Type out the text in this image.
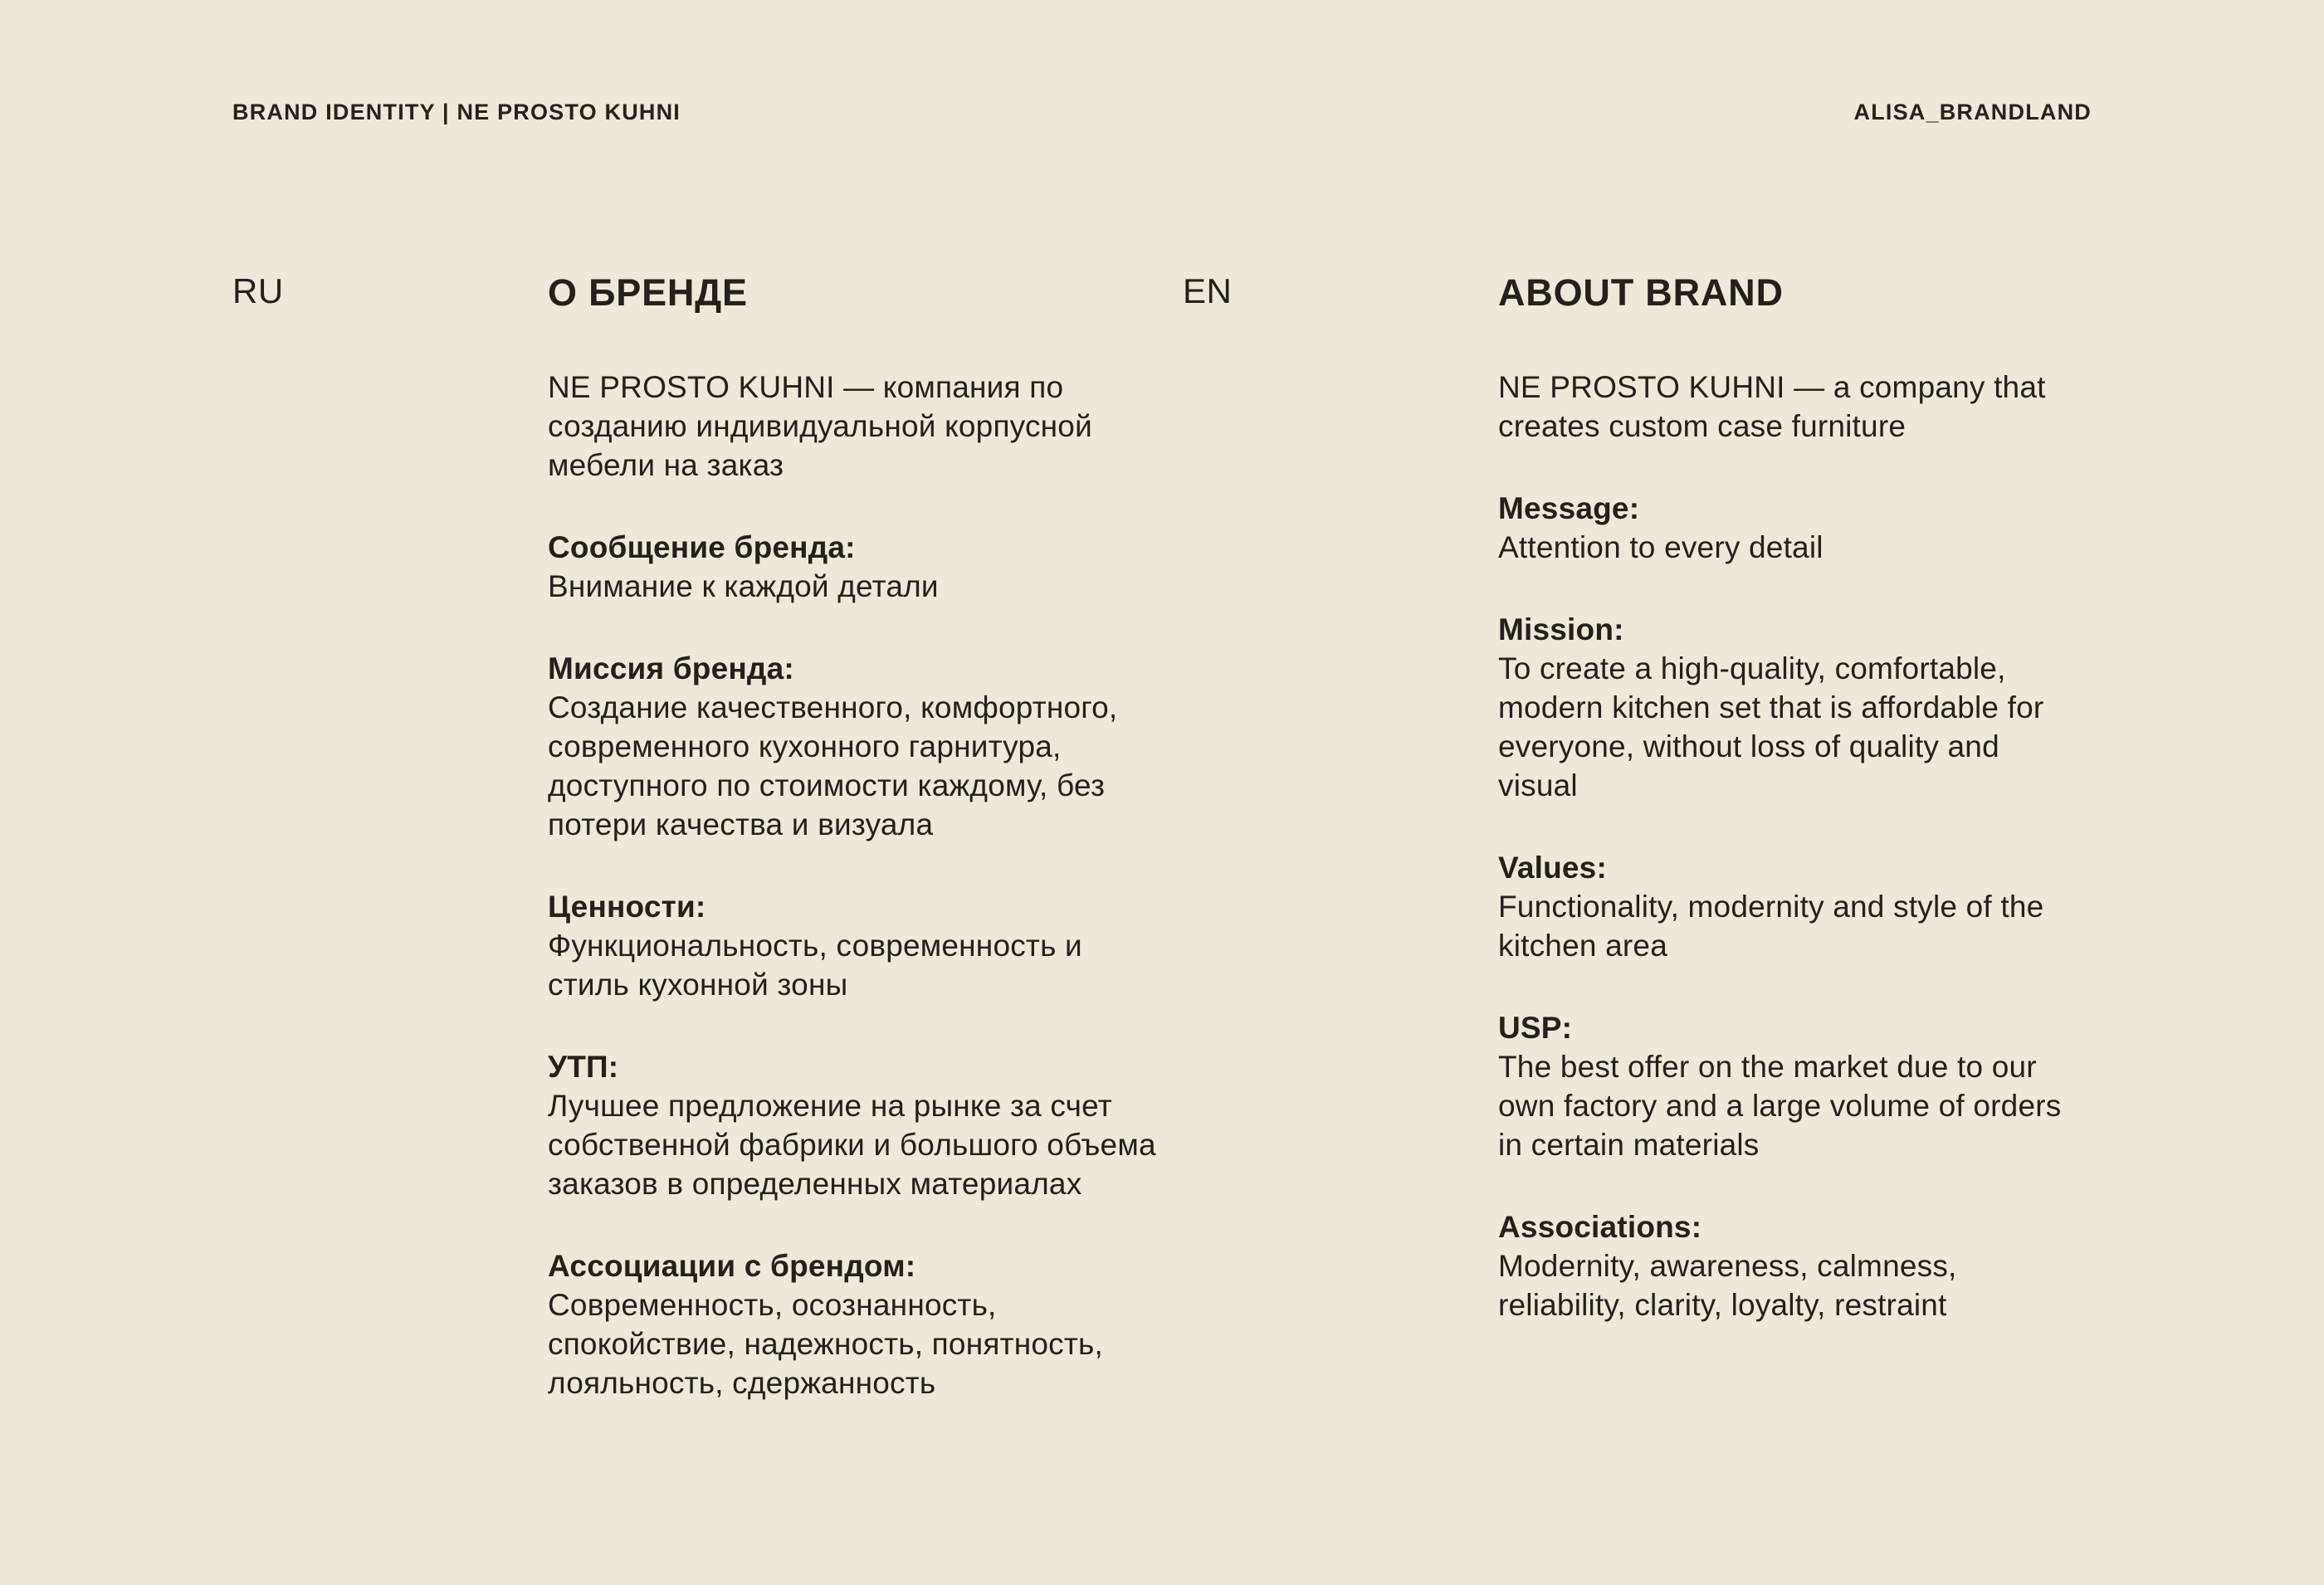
BRAND IDENTITY | NE PROSTO KUHNI	ALISA_BRANDLAND
RU	О БРЕНДЕ

NE PROSTO KUHNI — компания по созданию индивидуальной корпусной мебели на заказ

Сообщение бренда:
Внимание к каждой детали
Миссия бренда:
Создание качественного, комфортного, современного кухонного гарнитура, доступного по стоимости каждому, без потери качества и визуала
Ценности:
Функциональность, современность и стиль кухонной зоны
УТП:
Лучшее предложение на рынке за счет собственной фабрики и большого объема заказов в определенных материалах
Ассоциации с брендом:
Современность, осознанность, спокойствие, надежность, понятность, лояльность, сдержанность
EN	ABOUT BRAND

NE PROSTO KUHNI — a company that creates custom case furniture

Message:
Attention to every detail
Mission:
To create a high-quality, comfortable, modern kitchen set that is affordable for everyone, without loss of quality and visual
Values:
Functionality, modernity and style of the kitchen area
USP:
The best offer on the market due to our own factory and a large volume of orders in certain materials
Associations:
Modernity, awareness, calmness, reliability, clarity, loyalty, restraint
